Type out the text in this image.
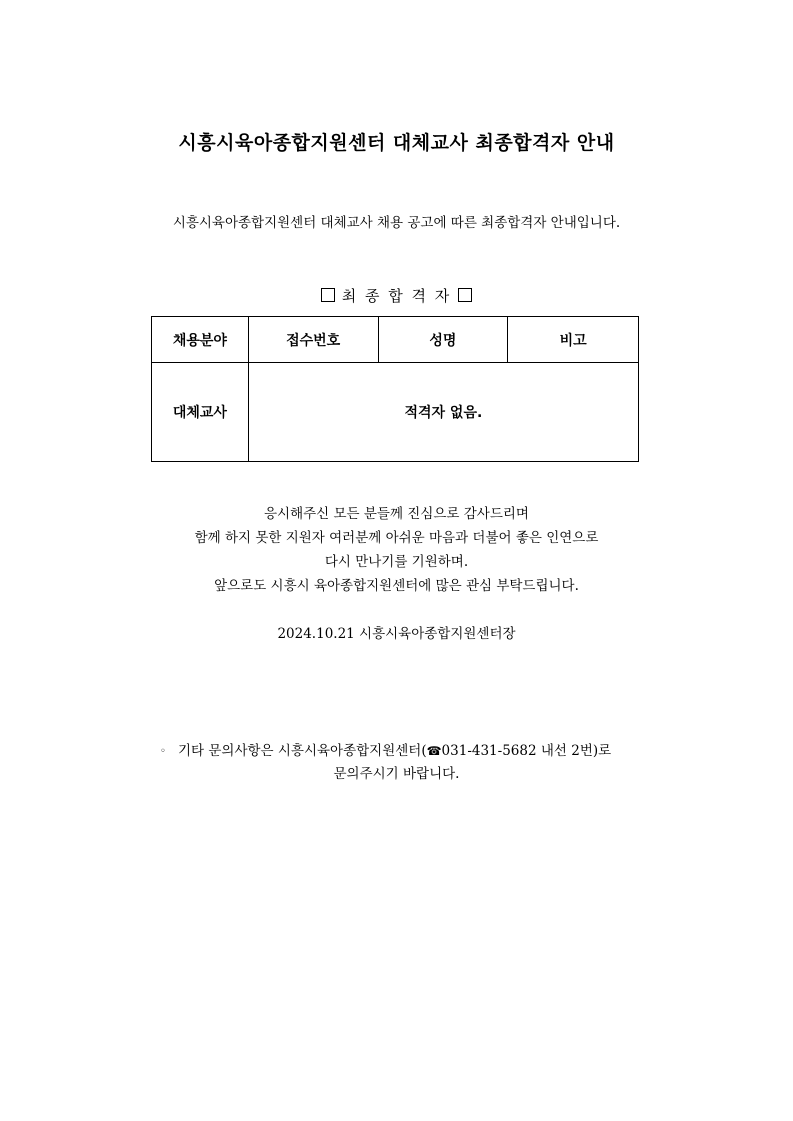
시흥시육아종합지원센터 대체교사 최종합격자 안내
시흥시육아종합지원센터 대체교사 채용 공고에 따른 최종합격자 안내입니다.
최 종 합 격 자
채용분야	접수번호	성명	비고
대체교사	적격자 없음.		
응시해주신 모든 분들께 진심으로 감사드리며
함께 하지 못한 지원자 여러분께 아쉬운 마음과 더불어 좋은 인연으로
다시 만나기를 기원하며.
앞으로도 시흥시 육아종합지원센터에 많은 관심 부탁드립니다.
2024.10.21 시흥시육아종합지원센터장
◦ 기타 문의사항은 시흥시육아종합지원센터(☎031-431-5682 내선 2번)로
문의주시기 바랍니다.
